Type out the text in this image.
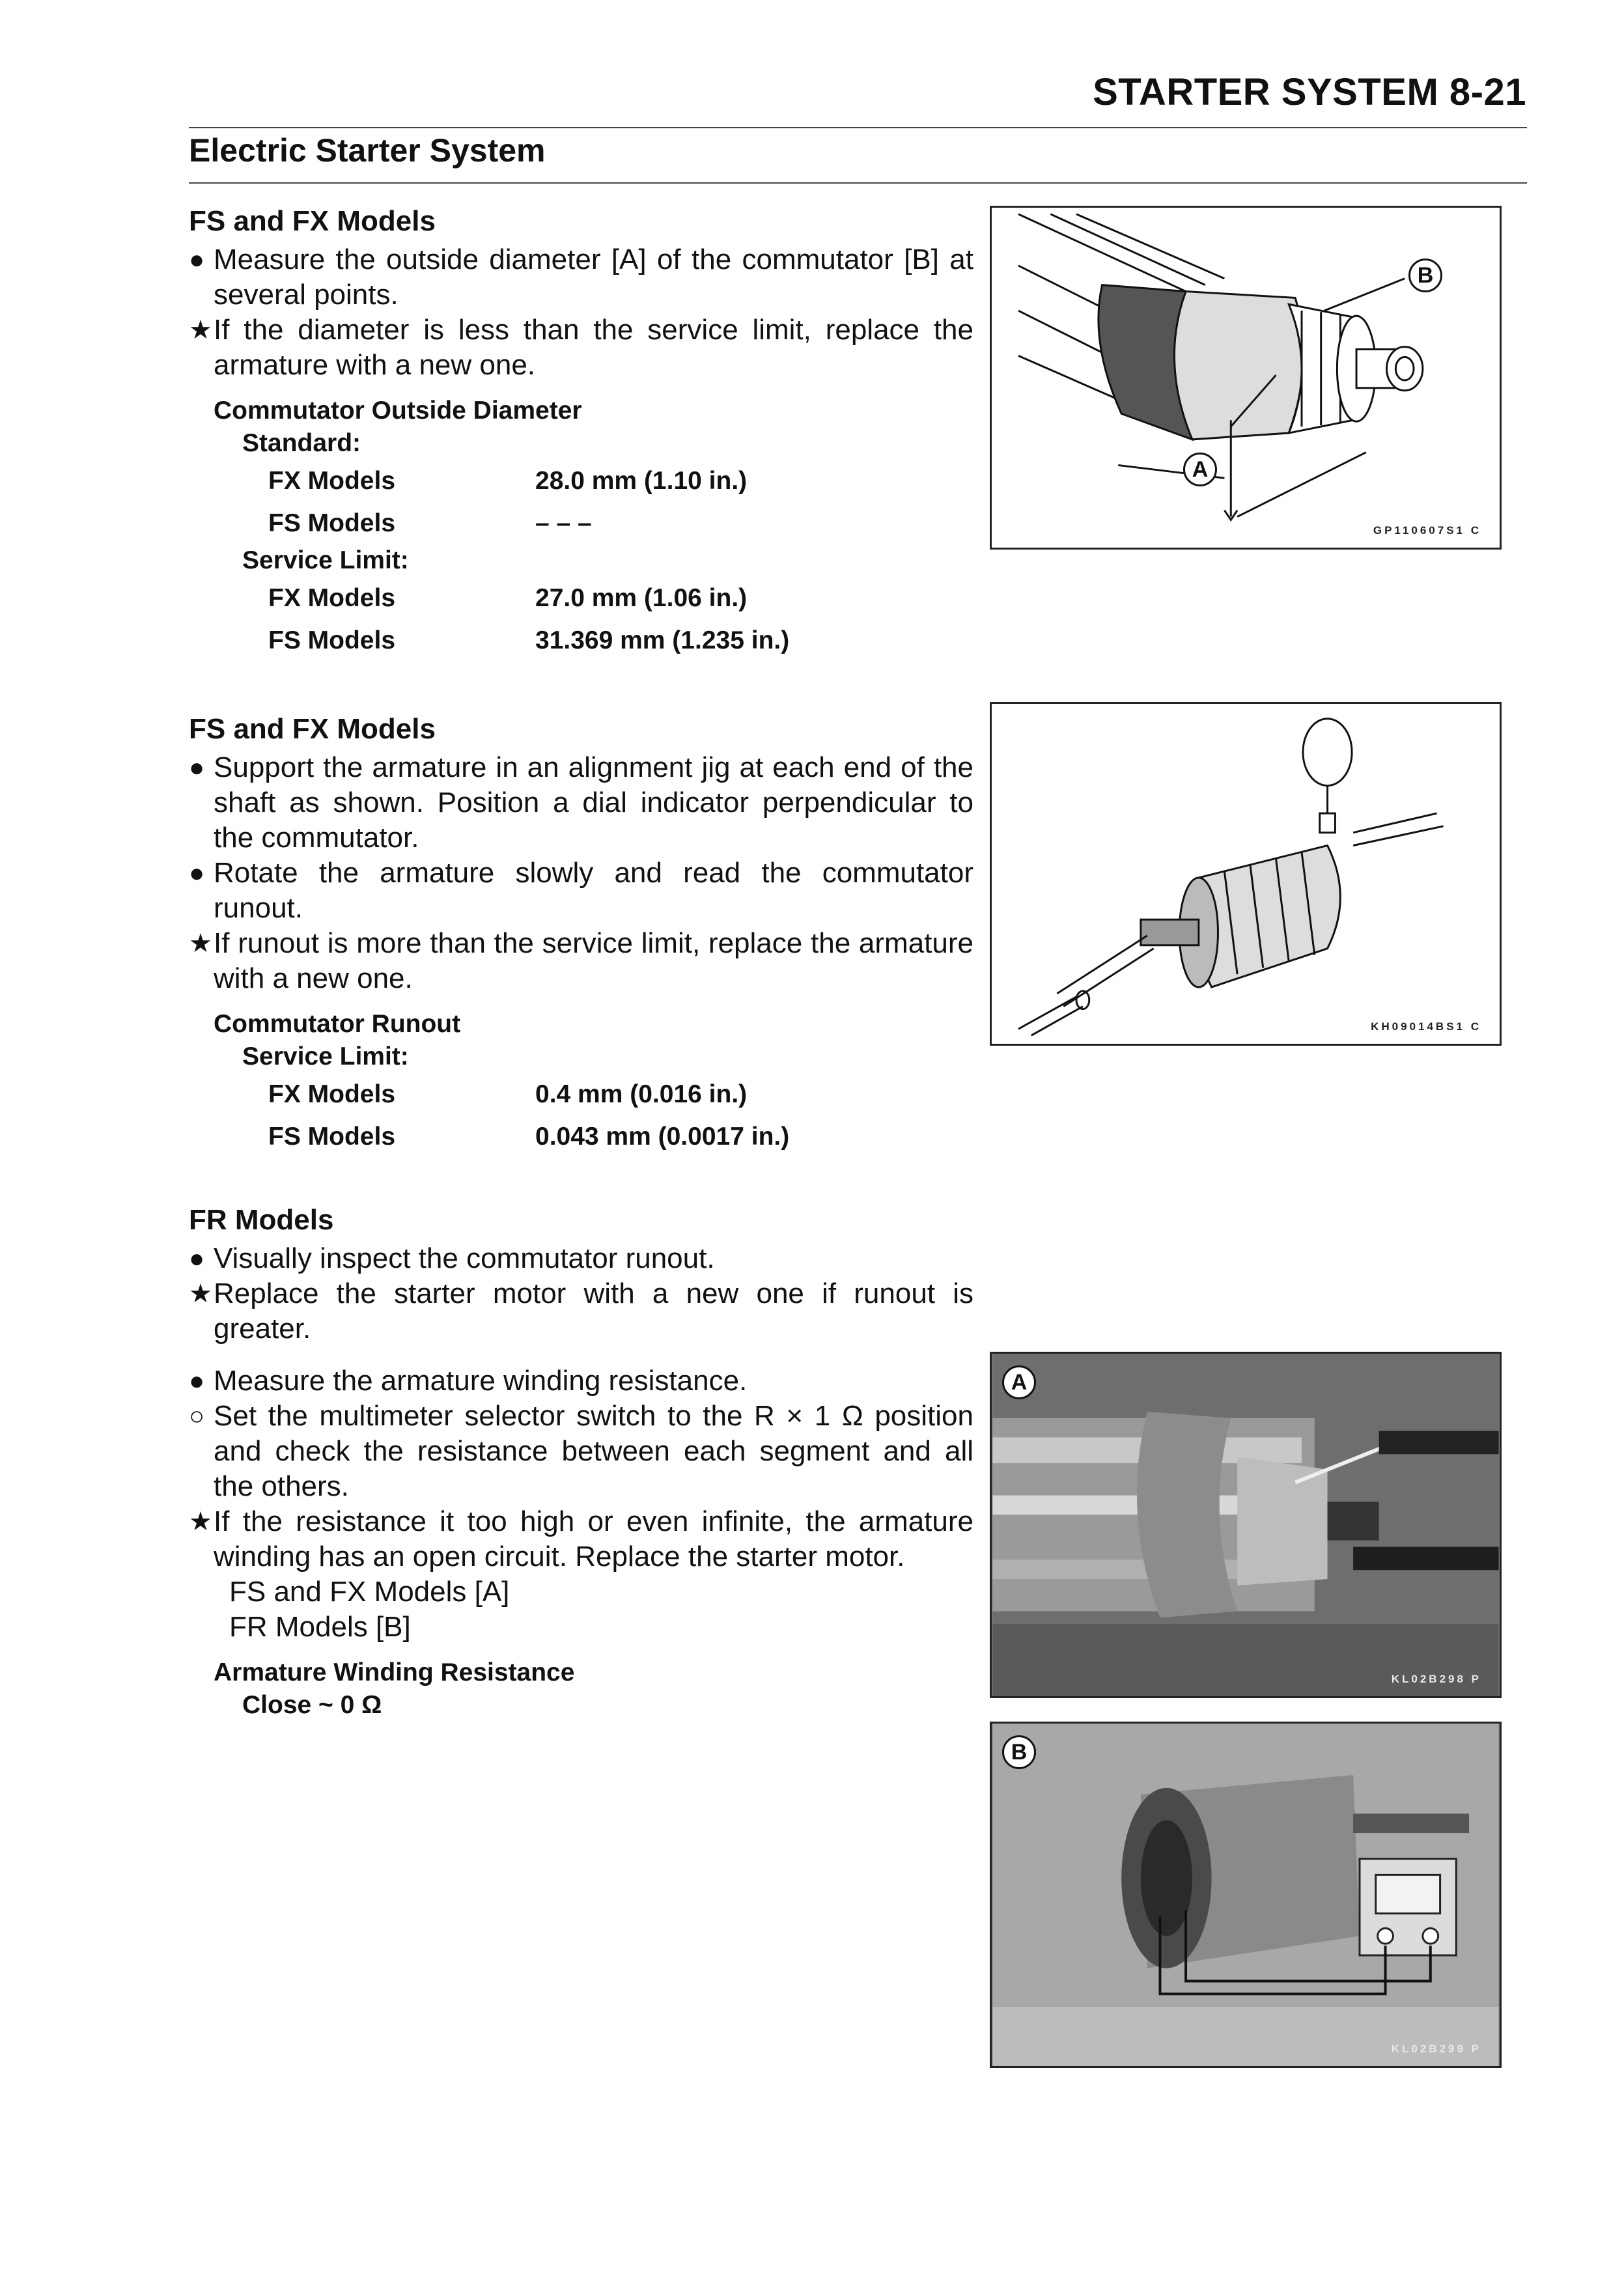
STARTER SYSTEM 8-21
Electric Starter System
FS and FX Models
● Measure the outside diameter [A] of the commutator [B] at several points.
★ If the diameter is less than the service limit, replace the armature with a new one.
Commutator Outside Diameter
Standard:
FX Models	28.0 mm (1.10 in.)
FS Models	– – –
Service Limit:
FX Models	27.0 mm (1.06 in.)
FS Models	31.369 mm (1.235 in.)
FS and FX Models
● Support the armature in an alignment jig at each end of the shaft as shown. Position a dial indicator perpendicular to the commutator.
● Rotate the armature slowly and read the commutator runout.
★ If runout is more than the service limit, replace the armature with a new one.
Commutator Runout
Service Limit:
FX Models	0.4 mm (0.016 in.)
FS Models	0.043 mm (0.0017 in.)
FR Models
● Visually inspect the commutator runout.
★ Replace the starter motor with a new one if runout is greater.
● Measure the armature winding resistance.
○ Set the multimeter selector switch to the R × 1 Ω position and check the resistance between each segment and all the others.
★ If the resistance it too high or even infinite, the armature winding has an open circuit. Replace the starter motor.
FS and FX Models [A]
FR Models [B]
Armature Winding Resistance
Close ~ 0 Ω
B
A
GP110607S1 C
KH09014BS1 C
A
KL02B298 P
B
KL02B299 P
